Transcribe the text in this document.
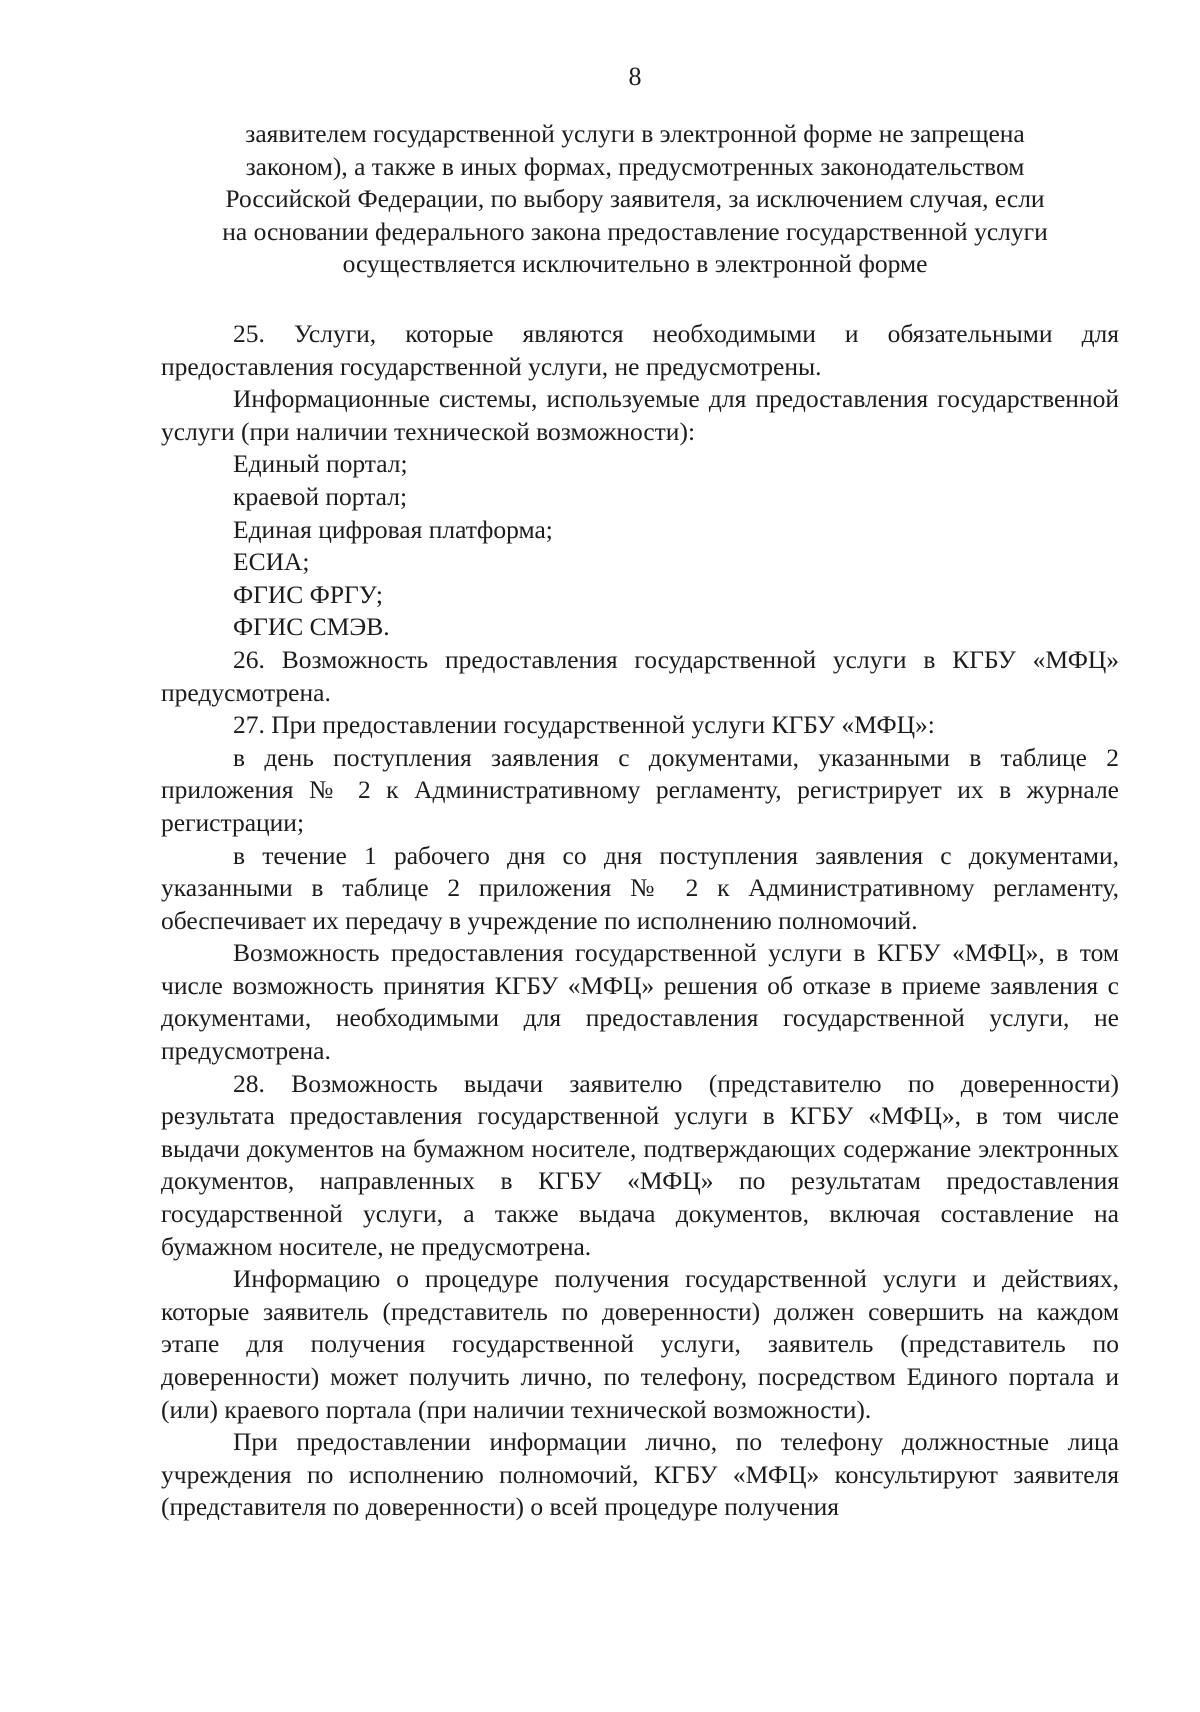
8
заявителем государственной услуги в электронной форме не запрещена
законом), а также в иных формах, предусмотренных законодательством
Российской Федерации, по выбору заявителя, за исключением случая, если
на основании федерального закона предоставление государственной услуги
осуществляется исключительно в электронной форме

25. Услуги, которые являются необходимыми и обязательными для предоставления государственной услуги, не предусмотрены.

Информационные системы, используемые для предоставления государственной услуги (при наличии технической возможности):

Единый портал;

краевой портал;

Единая цифровая платформа;

ЕСИА;

ФГИС ФРГУ;

ФГИС СМЭВ.

26. Возможность предоставления государственной услуги в КГБУ «МФЦ» предусмотрена.

27. При предоставлении государственной услуги КГБУ «МФЦ»:

в день поступления заявления с документами, указанными в таблице 2 приложения № 2 к Административному регламенту, регистрирует их в журнале регистрации;

в течение 1 рабочего дня со дня поступления заявления с документами, указанными в таблице 2 приложения № 2 к Административному регламенту, обеспечивает их передачу в учреждение по исполнению полномочий.

Возможность предоставления государственной услуги в КГБУ «МФЦ», в том числе возможность принятия КГБУ «МФЦ» решения об отказе в приеме заявления с документами, необходимыми для предоставления государственной услуги, не предусмотрена.

28. Возможность выдачи заявителю (представителю по доверенности) результата предоставления государственной услуги в КГБУ «МФЦ», в том числе выдачи документов на бумажном носителе, подтверждающих содержание электронных документов, направленных в КГБУ «МФЦ» по результатам предоставления государственной услуги, а также выдача документов, включая составление на бумажном носителе, не предусмотрена.

Информацию о процедуре получения государственной услуги и действиях, которые заявитель (представитель по доверенности) должен совершить на каждом этапе для получения государственной услуги, заявитель (представитель по доверенности) может получить лично, по телефону, посредством Единого портала и (или) краевого портала (при наличии технической возможности).

При предоставлении информации лично, по телефону должностные лица учреждения по исполнению полномочий, КГБУ «МФЦ» консультируют заявителя (представителя по доверенности) о всей процедуре получения
